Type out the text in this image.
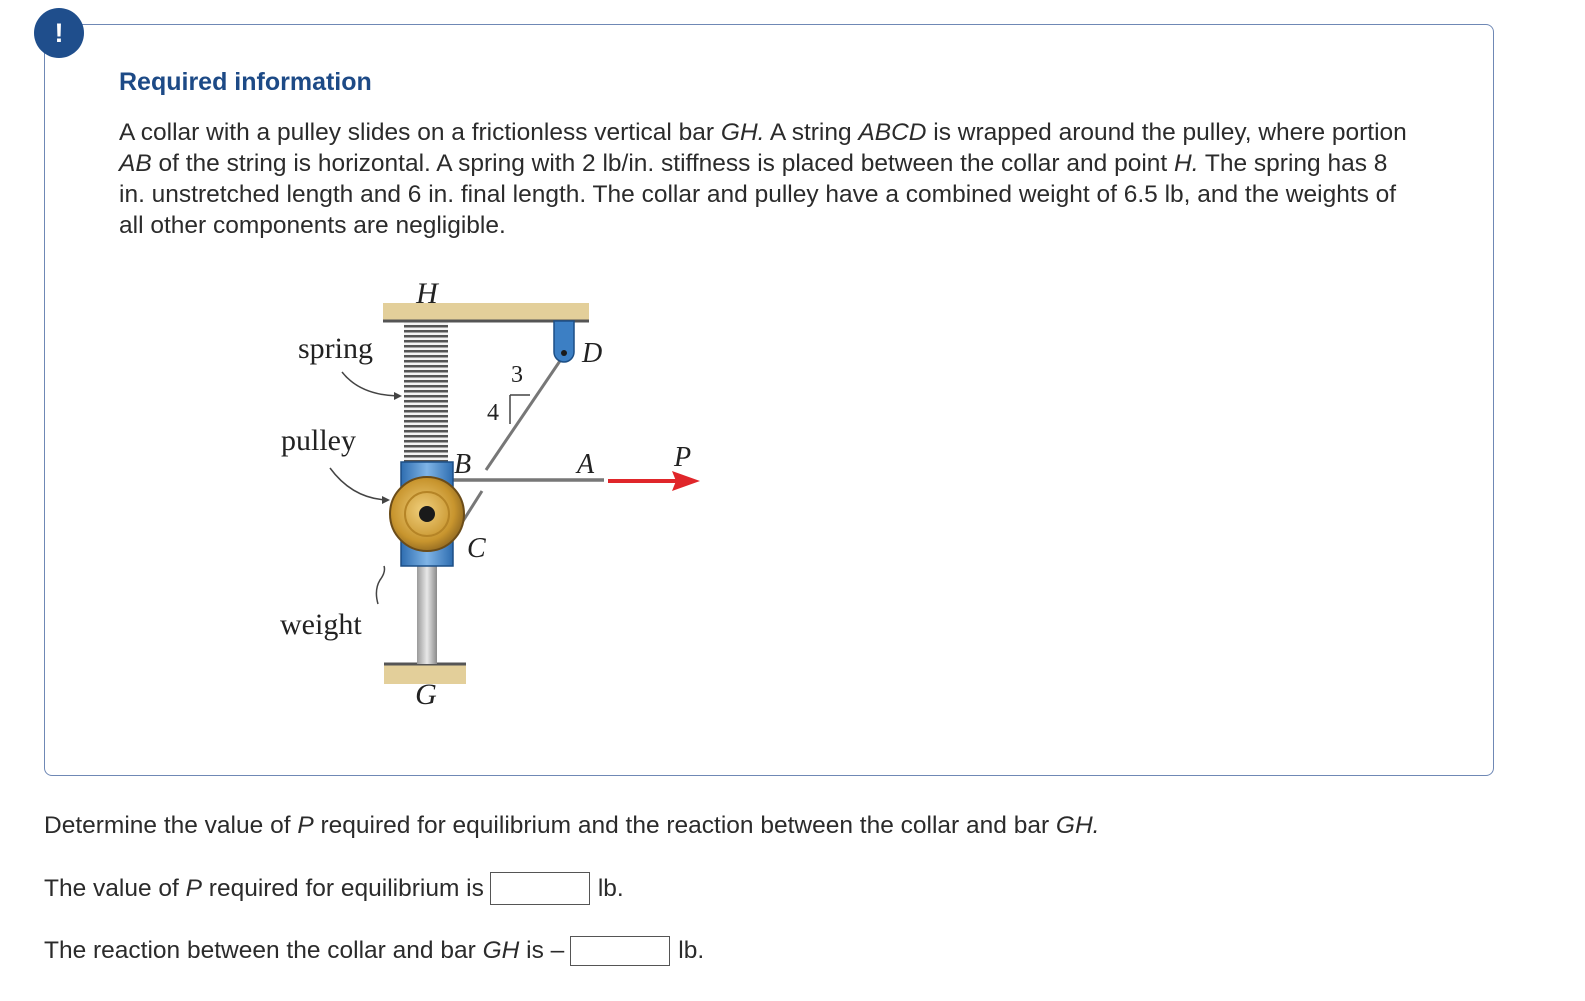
!
Required information

A collar with a pulley slides on a frictionless vertical bar GH. A string ABCD is wrapped around the pulley, where portion AB of the string is horizontal. A spring with 2 lb/in. stiffness is placed between the collar and point H. The spring has 8 in. unstretched length and 6 in. final length. The collar and pulley have a combined weight of 6.5 lb, and the weights of all other components are negligible.

H
G
B	A
C
D
P
3
4
spring
pulley
weight

Determine the value of P required for equilibrium and the reaction between the collar and bar GH.

The value of P required for equilibrium is	lb.
The reaction between the collar and bar GH is –	lb.
